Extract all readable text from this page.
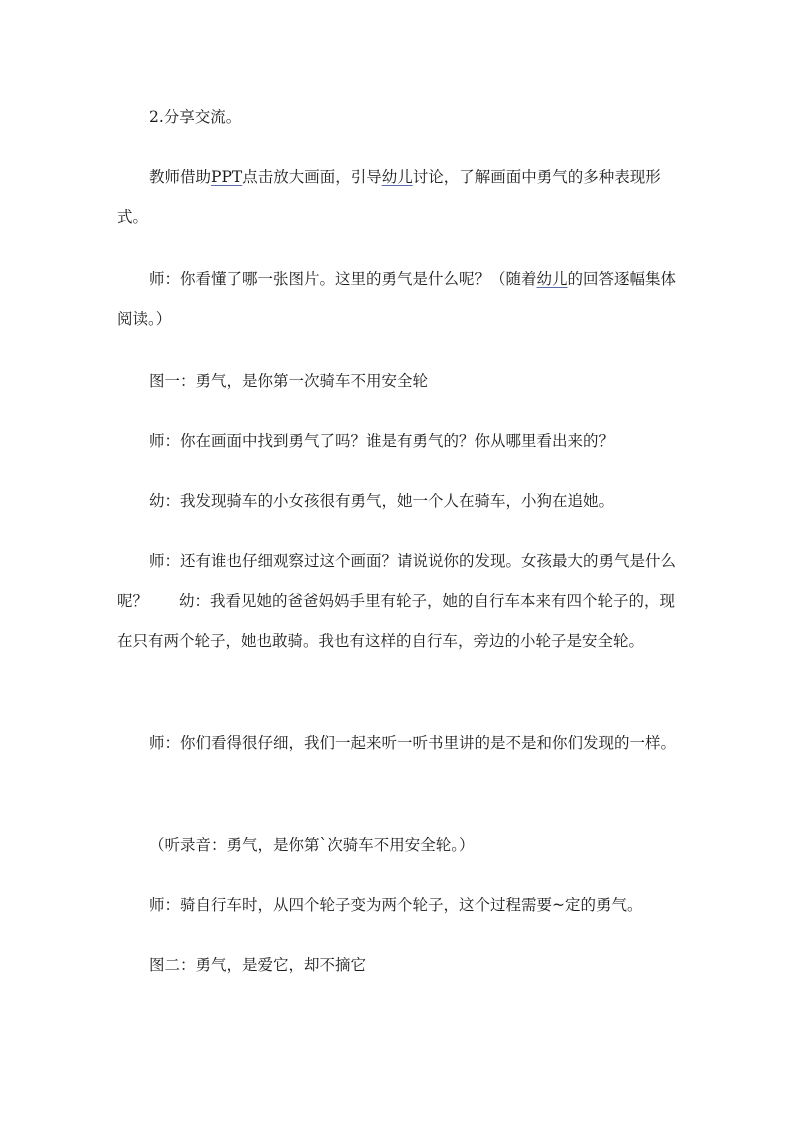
2.分享交流。

教师借助PPT点击放大画面，引导幼儿讨论，了解画面中勇气的多种表现形式。

师：你看懂了哪一张图片。这里的勇气是什么呢？（随着幼儿的回答逐幅集体阅读。）

图一：勇气，是你第一次骑车不用安全轮

师：你在画面中找到勇气了吗？谁是有勇气的？你从哪里看出来的？

幼：我发现骑车的小女孩很有勇气，她一个人在骑车，小狗在追她。

师：还有谁也仔细观察过这个画面？请说说你的发现。女孩最大的勇气是什么呢？　　幼：我看见她的爸爸妈妈手里有轮子，她的自行车本来有四个轮子的，现在只有两个轮子，她也敢骑。我也有这样的自行车，旁边的小轮子是安全轮。

师：你们看得很仔细，我们一起来听一听书里讲的是不是和你们发现的一样。

（听录音：勇气，是你第`次骑车不用安全轮。）

师：骑自行车时，从四个轮子变为两个轮子，这个过程需要~定的勇气。

图二：勇气，是爱它，却不摘它
